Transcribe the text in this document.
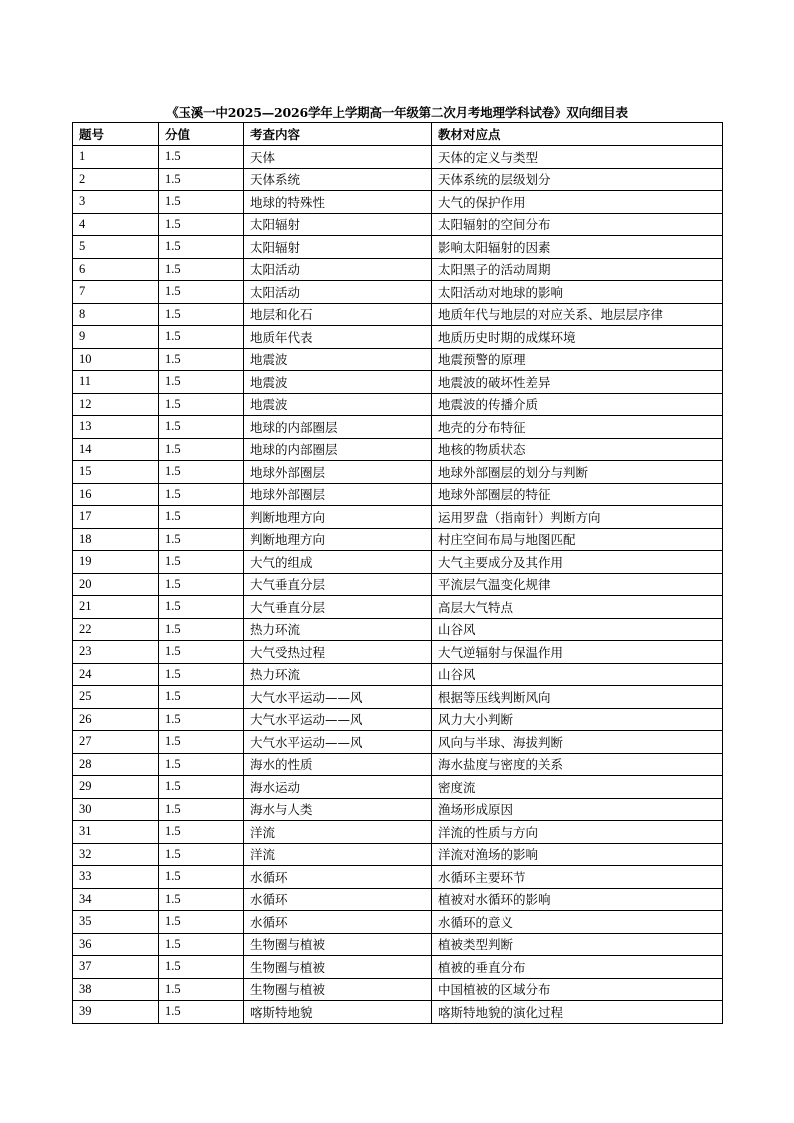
《玉溪一中2025—2026学年上学期高一年级第二次月考地理学科试卷》双向细目表
题号	分值	考查内容	教材对应点
1	1.5	天体	天体的定义与类型
2	1.5	天体系统	天体系统的层级划分
3	1.5	地球的特殊性	大气的保护作用
4	1.5	太阳辐射	太阳辐射的空间分布
5	1.5	太阳辐射	影响太阳辐射的因素
6	1.5	太阳活动	太阳黑子的活动周期
7	1.5	太阳活动	太阳活动对地球的影响
8	1.5	地层和化石	地质年代与地层的对应关系、地层层序律
9	1.5	地质年代表	地质历史时期的成煤环境
10	1.5	地震波	地震预警的原理
11	1.5	地震波	地震波的破坏性差异
12	1.5	地震波	地震波的传播介质
13	1.5	地球的内部圈层	地壳的分布特征
14	1.5	地球的内部圈层	地核的物质状态
15	1.5	地球外部圈层	地球外部圈层的划分与判断
16	1.5	地球外部圈层	地球外部圈层的特征
17	1.5	判断地理方向	运用罗盘（指南针）判断方向
18	1.5	判断地理方向	村庄空间布局与地图匹配
19	1.5	大气的组成	大气主要成分及其作用
20	1.5	大气垂直分层	平流层气温变化规律
21	1.5	大气垂直分层	高层大气特点
22	1.5	热力环流	山谷风
23	1.5	大气受热过程	大气逆辐射与保温作用
24	1.5	热力环流	山谷风
25	1.5	大气水平运动——风	根据等压线判断风向
26	1.5	大气水平运动——风	风力大小判断
27	1.5	大气水平运动——风	风向与半球、海拔判断
28	1.5	海水的性质	海水盐度与密度的关系
29	1.5	海水运动	密度流
30	1.5	海水与人类	渔场形成原因
31	1.5	洋流	洋流的性质与方向
32	1.5	洋流	洋流对渔场的影响
33	1.5	水循环	水循环主要环节
34	1.5	水循环	植被对水循环的影响
35	1.5	水循环	水循环的意义
36	1.5	生物圈与植被	植被类型判断
37	1.5	生物圈与植被	植被的垂直分布
38	1.5	生物圈与植被	中国植被的区域分布
39	1.5	喀斯特地貌	喀斯特地貌的演化过程
